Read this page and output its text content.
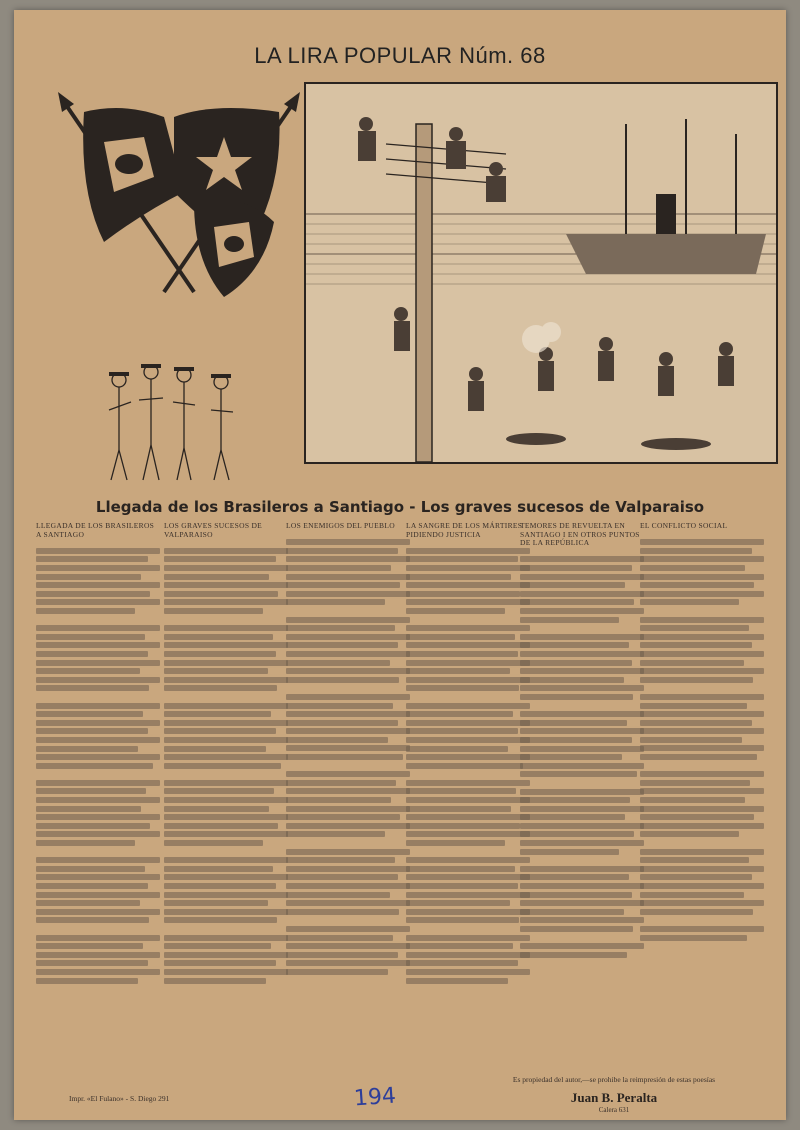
LA LIRA POPULAR Núm. 68
Llegada de los Brasileros a Santiago - Los graves sucesos de Valparaiso
LLEGADA DE LOS BRASILEROS A SANTIAGO
LOS GRAVES SUCESOS DE VALPARAISO
LOS ENEMIGOS DEL PUEBLO	LA SANGRE DE LOS MÁRTIRES PIDIENDO JUSTICIA
TEMORES DE REVUELTA EN SANTIAGO I EN OTROS PUNTOS DE LA REPÚBLICA
EL CONFLICTO SOCIAL
Impr. «El Fulano» - S. Diego 291	194
Es propiedad del autor,—se prohibe la reimpresión de estas poesías
Juan B. Peralta
Calera 631
